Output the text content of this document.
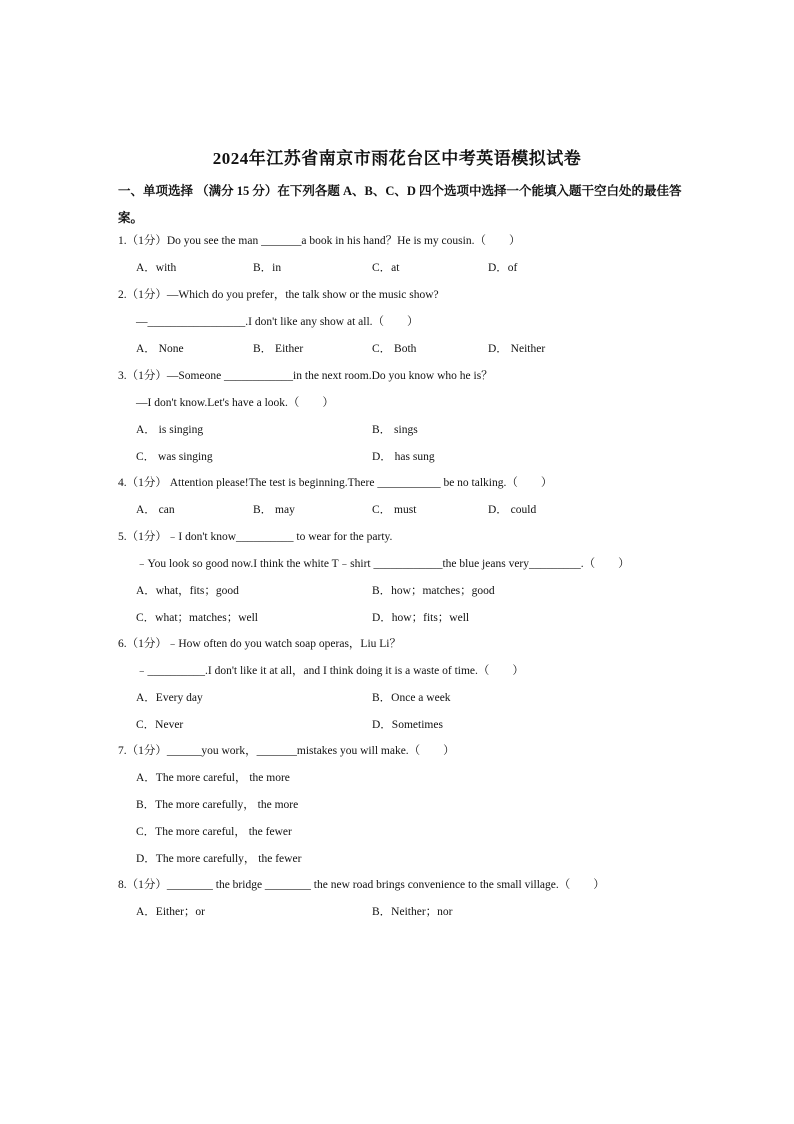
2024年江苏省南京市雨花台区中考英语模拟试卷
一、单项选择 （满分 15 分）在下列各题 A、B、C、D 四个选项中选择一个能填入题干空白处的最佳答
案。
1.（1分）Do you see the man _______a book in his hand？He is my cousin.（　　）
A．with	B．in	C．at	D．of
2.（1分）—Which do you prefer，the talk show or the music show?
—_________________.I don't like any show at all.（　　）
A． None	B． Either	C． Both	D． Neither
3.（1分）—Someone ____________in the next room.Do you know who he is？
—I don't know.Let's have a look.（　　）
A． is singing	B． sings
C． was singing	D． has sung
4.（1分） Attention please!The test is beginning.There ___________ be no talking.（　　）
A． can	B． may	C． must	D． could
5.（1分）﹣I don't know__________ to wear for the party.
﹣You look so good now.I think the white T﹣shirt ____________the blue jeans very_________.（　　）
A．what，fits；good	B．how；matches；good
C．what；matches；well	D．how；fits；well
6.（1分）﹣How often do you watch soap operas，Liu Li？
﹣__________.I don't like it at all，and I think doing it is a waste of time.（　　）
A．Every day	B．Once a week
C．Never	D．Sometimes
7.（1分）______you work，_______mistakes you will make.（　　）
A．The more careful， the more
B．The more carefully， the more
C．The more careful， the fewer
D．The more carefully， the fewer
8.（1分）________ the bridge ________ the new road brings convenience to the small village.（　　）
A．Either；or	B．Neither；nor
